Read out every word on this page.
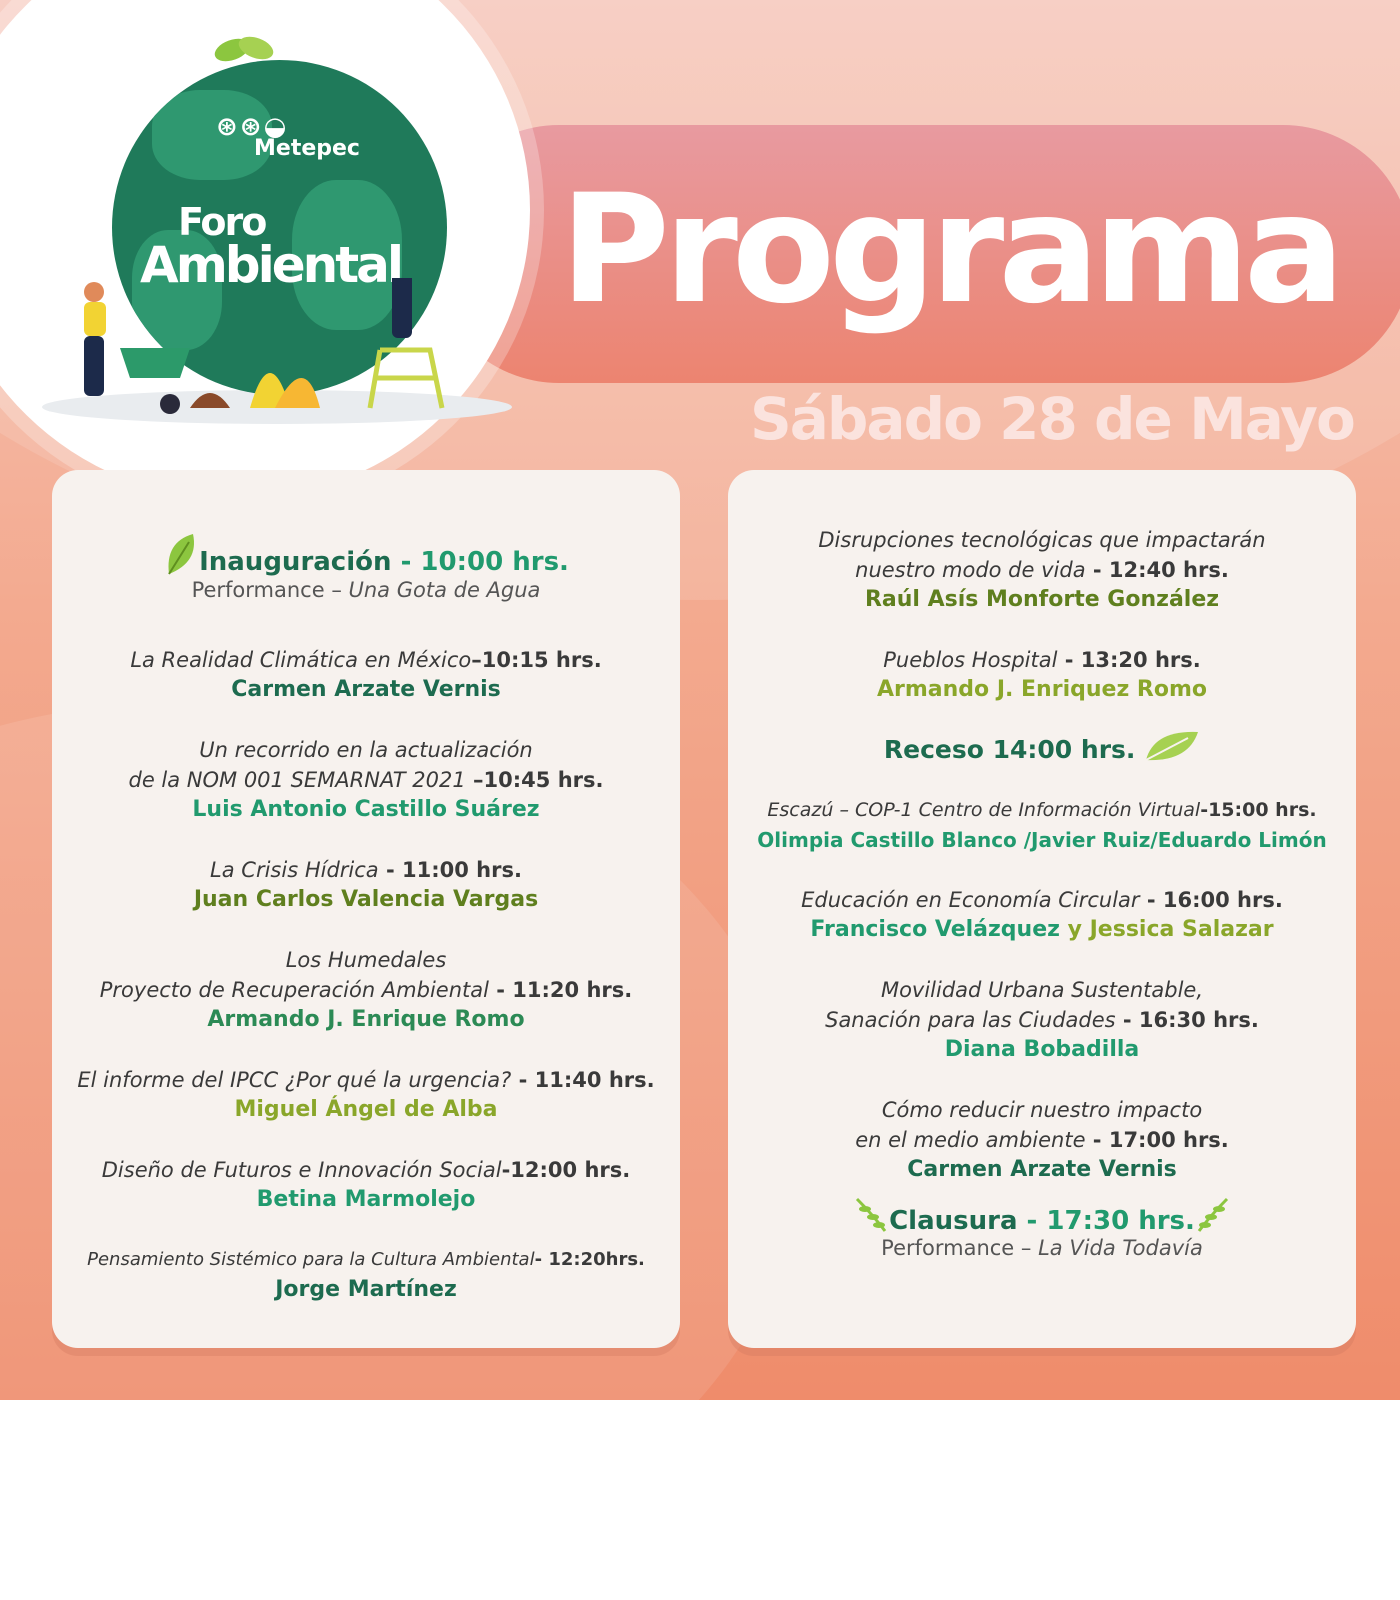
Programa
Sábado 28 de Mayo
⊛⊛◒
Metepec
Foro
Ambiental
Inauguración - 10:00 hrs.
Performance – Una Gota de Agua
La Realidad Climática en México–10:15 hrs.
Carmen Arzate Vernis
Un recorrido en la actualización
de la NOM 001 SEMARNAT 2021 –10:45 hrs.
Luis Antonio Castillo Suárez
La Crisis Hídrica - 11:00 hrs.
Juan Carlos Valencia Vargas
Los Humedales
Proyecto de Recuperación Ambiental - 11:20 hrs.
Armando J. Enrique Romo
El informe del IPCC ¿Por qué la urgencia? - 11:40 hrs.
Miguel Ángel de Alba
Diseño de Futuros e Innovación Social-12:00 hrs.
Betina Marmolejo
Pensamiento Sistémico para la Cultura Ambiental- 12:20hrs.
Jorge Martínez
Disrupciones tecnológicas que impactarán
nuestro modo de vida - 12:40 hrs.
Raúl Asís Monforte González
Pueblos Hospital - 13:20 hrs.
Armando J. Enriquez Romo
Receso 14:00 hrs.
Escazú – COP-1 Centro de Información Virtual-15:00 hrs.
Olimpia Castillo Blanco /Javier Ruiz/Eduardo Limón
Educación en Economía Circular - 16:00 hrs.
Francisco Velázquez y Jessica Salazar
Movilidad Urbana Sustentable,
Sanación para las Ciudades - 16:30 hrs.
Diana Bobadilla
Cómo reducir nuestro impacto
en el medio ambiente - 17:00 hrs.
Carmen Arzate Vernis
Clausura - 17:30 hrs.
Performance – La Vida Todavía
